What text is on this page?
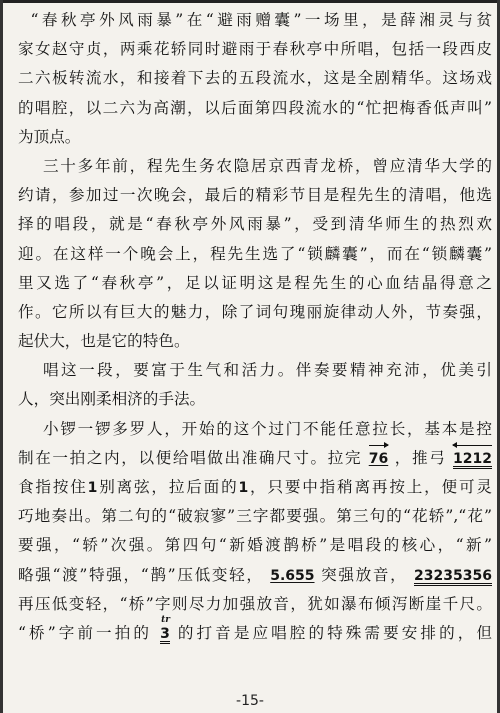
“春秋亭外风雨暴”在“避雨赠囊”一场里，是薛湘灵与贫
家女赵守贞，两乘花轿同时避雨于春秋亭中所唱，包括一段西皮
二六板转流水，和接着下去的五段流水，这是全剧精华。这场戏
的唱腔，以二六为高潮，以后面第四段流水的“忙把梅香低声叫”
为顶点。
三十多年前，程先生务农隐居京西青龙桥，曾应清华大学的
约请，参加过一次晚会，最后的精彩节目是程先生的清唱，他选
择的唱段，就是“春秋亭外风雨暴”，受到清华师生的热烈欢
迎。在这样一个晚会上，程先生选了“锁麟囊”，而在“锁麟囊”
里又选了“春秋亭”，足以证明这是程先生的心血结晶得意之
作。它所以有巨大的魅力，除了词句瑰丽旋律动人外，节奏强，
起伏大，也是它的特色。
唱这一段，要富于生气和活力。伴奏要精神充沛，优美引
人，突出刚柔相济的手法。
小锣一锣多罗人，开始的这个过门不能任意拉长，基本是控
制在一拍之内，以便给唱做出准确尺寸。拉完 76 ，推弓 1212
食指按住1别离弦，拉后面的1，只要中指稍离再按上，便可灵
巧地奏出。第二句的“破寂寥”三字都要强。第三句的“花轿”,“花”
要强，“轿”次强。第四句“新婚渡鹊桥”是唱段的核心，“新”
略强“渡”特强，“鹊”压低变轻， 5.655 突强放音， 23235356
再压低变轻，“桥”字则尽力加强放音，犹如瀑布倾泻断崖千尺。
“桥”字前一拍的
tr
3 的打音是应唱腔的特殊需要安排的，但
-15-
